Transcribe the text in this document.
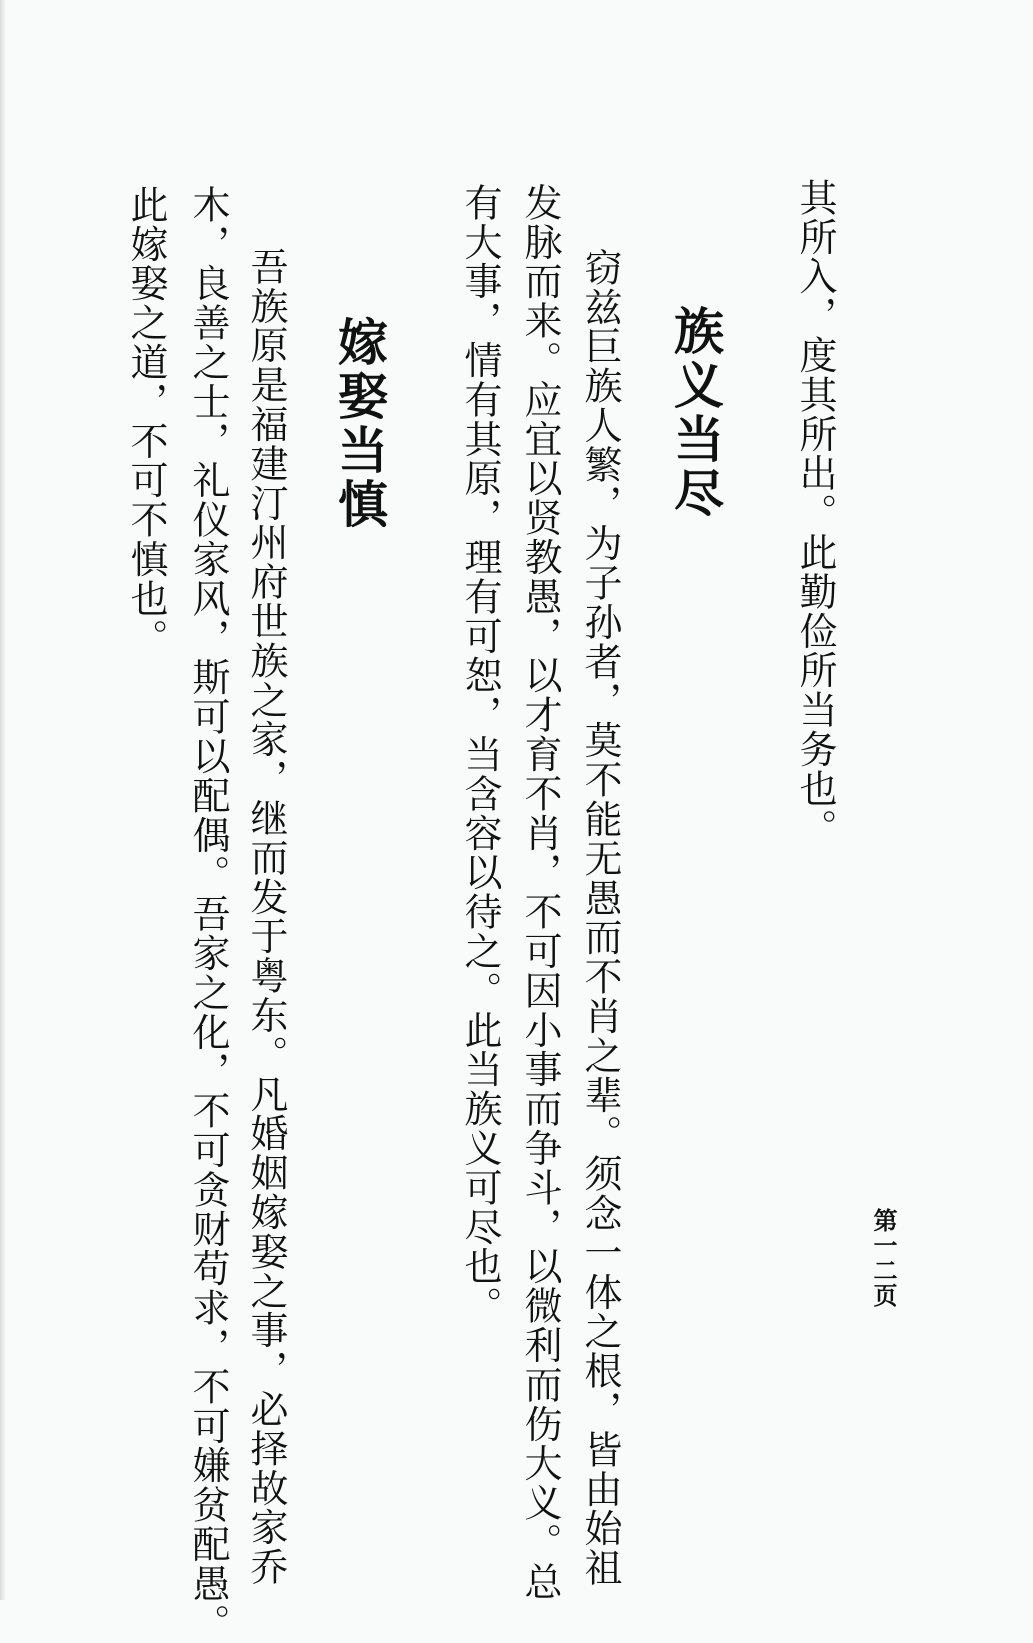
其所入，度其所出。此勤俭所当务也。
族义当尽
窃兹巨族人繁，为子孙者，莫不能无愚而不肖之辈。须念一体之根，皆由始祖
发脉而来。应宜以贤教愚，以才育不肖，不可因小事而争斗，以微利而伤大义。总
有大事，情有其原，理有可恕，当含容以待之。此当族义可尽也。
嫁娶当慎
吾族原是福建汀州府世族之家，继而发于粤东。凡婚姻嫁娶之事，必择故家乔
木，良善之士，礼仪家风，斯可以配偶。吾家之化，不可贪财苟求，不可嫌贫配愚。
此嫁娶之道，不可不慎也。
第一二页
